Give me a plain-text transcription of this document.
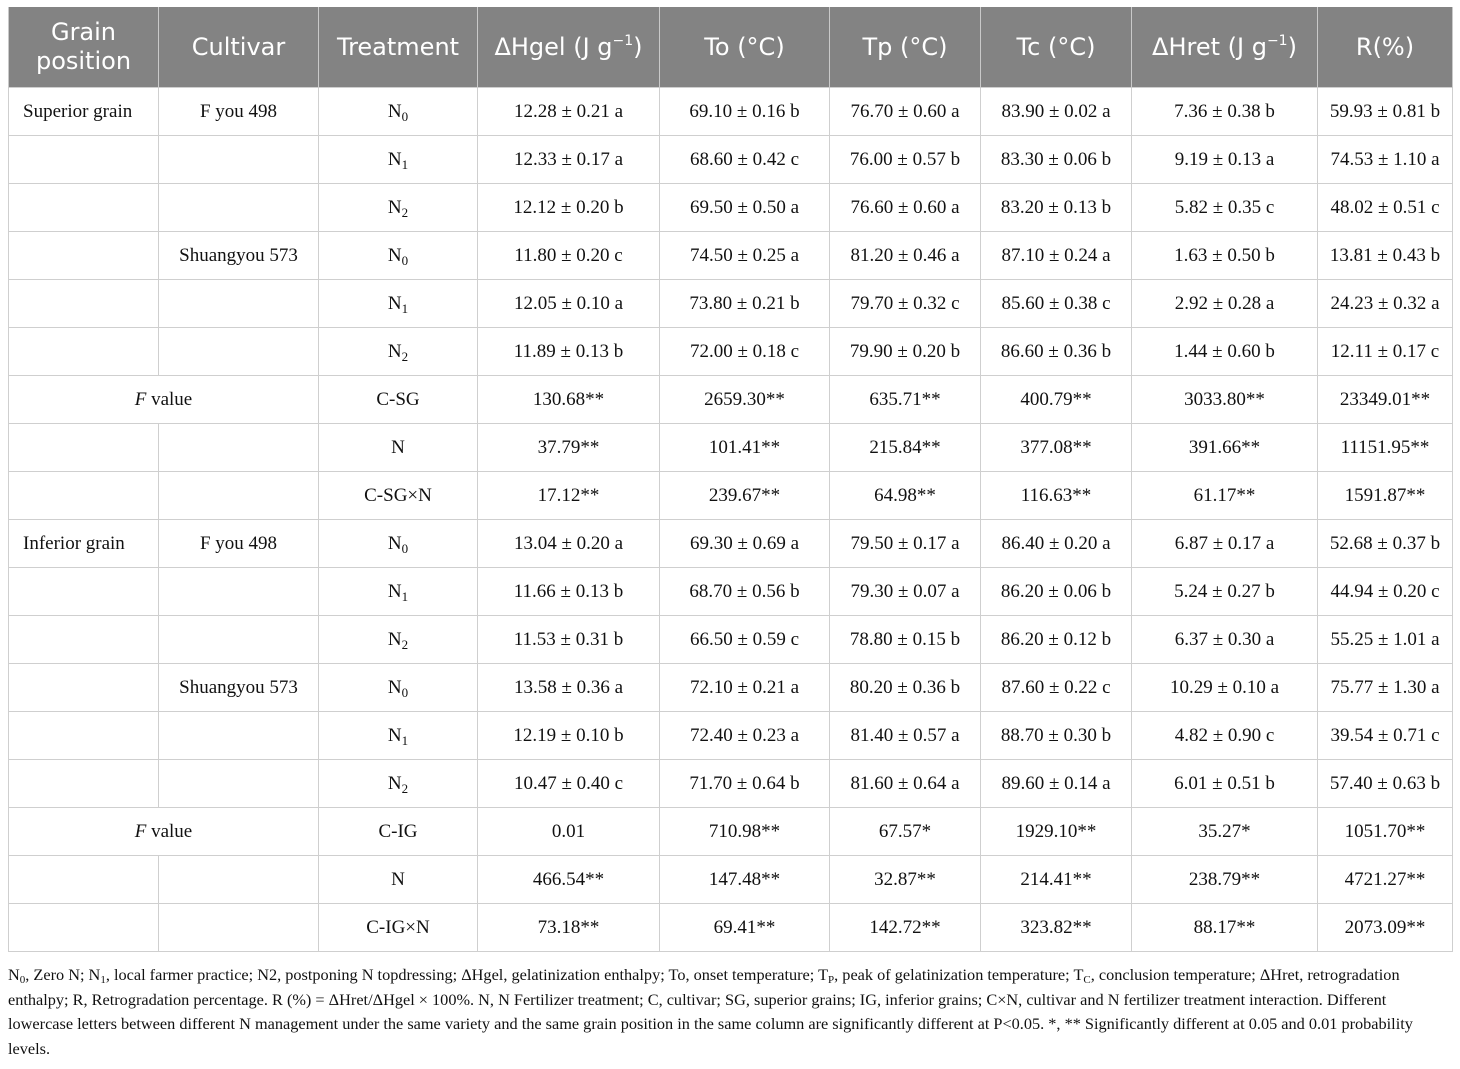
Grain
position	Cultivar	Treatment	ΔHgel (J $g^{-1}$)	To (°C)	Tp (°C)	Tc (°C)	ΔHret (J $g^{-1}$)	R(%)
Superior grain	F you 498	$N_0$	12.28 ± 0.21 a	69.10 ± 0.16 b	76.70 ± 0.60 a	83.90 ± 0.02 a	7.36 ± 0.38 b	59.93 ± 0.81 b
		$N_1$	12.33 ± 0.17 a	68.60 ± 0.42 c	76.00 ± 0.57 b	83.30 ± 0.06 b	9.19 ± 0.13 a	74.53 ± 1.10 a
		$N_2$	12.12 ± 0.20 b	69.50 ± 0.50 a	76.60 ± 0.60 a	83.20 ± 0.13 b	5.82 ± 0.35 c	48.02 ± 0.51 c
	Shuangyou 573	$N_0$	11.80 ± 0.20 c	74.50 ± 0.25 a	81.20 ± 0.46 a	87.10 ± 0.24 a	1.63 ± 0.50 b	13.81 ± 0.43 b
		$N_1$	12.05 ± 0.10 a	73.80 ± 0.21 b	79.70 ± 0.32 c	85.60 ± 0.38 c	2.92 ± 0.28 a	24.23 ± 0.32 a
		$N_2$	11.89 ± 0.13 b	72.00 ± 0.18 c	79.90 ± 0.20 b	86.60 ± 0.36 b	1.44 ± 0.60 b	12.11 ± 0.17 c
F value		C-SG	130.68**	2659.30**	635.71**	400.79**	3033.80**	23349.01**
		N	37.79**	101.41**	215.84**	377.08**	391.66**	11151.95**
		C-SG×N	17.12**	239.67**	64.98**	116.63**	61.17**	1591.87**
Inferior grain	F you 498	$N_0$	13.04 ± 0.20 a	69.30 ± 0.69 a	79.50 ± 0.17 a	86.40 ± 0.20 a	6.87 ± 0.17 a	52.68 ± 0.37 b
		$N_1$	11.66 ± 0.13 b	68.70 ± 0.56 b	79.30 ± 0.07 a	86.20 ± 0.06 b	5.24 ± 0.27 b	44.94 ± 0.20 c
		$N_2$	11.53 ± 0.31 b	66.50 ± 0.59 c	78.80 ± 0.15 b	86.20 ± 0.12 b	6.37 ± 0.30 a	55.25 ± 1.01 a
	Shuangyou 573	$N_0$	13.58 ± 0.36 a	72.10 ± 0.21 a	80.20 ± 0.36 b	87.60 ± 0.22 c	10.29 ± 0.10 a	75.77 ± 1.30 a
		$N_1$	12.19 ± 0.10 b	72.40 ± 0.23 a	81.40 ± 0.57 a	88.70 ± 0.30 b	4.82 ± 0.90 c	39.54 ± 0.71 c
		$N_2$	10.47 ± 0.40 c	71.70 ± 0.64 b	81.60 ± 0.64 a	89.60 ± 0.14 a	6.01 ± 0.51 b	57.40 ± 0.63 b
F value		C-IG	0.01	710.98**	67.57*	1929.10**	35.27*	1051.70**
		N	466.54**	147.48**	32.87**	214.41**	238.79**	4721.27**
		C-IG×N	73.18**	69.41**	142.72**	323.82**	88.17**	2073.09**
$N_0$, Zero N; $N_1$, local farmer practice; N2, postponing N topdressing; ΔHgel, gelatinization enthalpy; To, onset temperature; $T_P$, peak of gelatinization temperature; $T_C$, conclusion temperature; ΔHret, retrogradation enthalpy; R, Retrogradation percentage. R (%) = ΔHret/ΔHgel × 100%. N, N Fertilizer treatment; C, cultivar; SG, superior grains; IG, inferior grains; C×N, cultivar and N fertilizer treatment interaction. Different lowercase letters between different N management under the same variety and the same grain position in the same column are significantly different at P<0.05. *, ** Significantly different at 0.05 and 0.01 probability levels.
